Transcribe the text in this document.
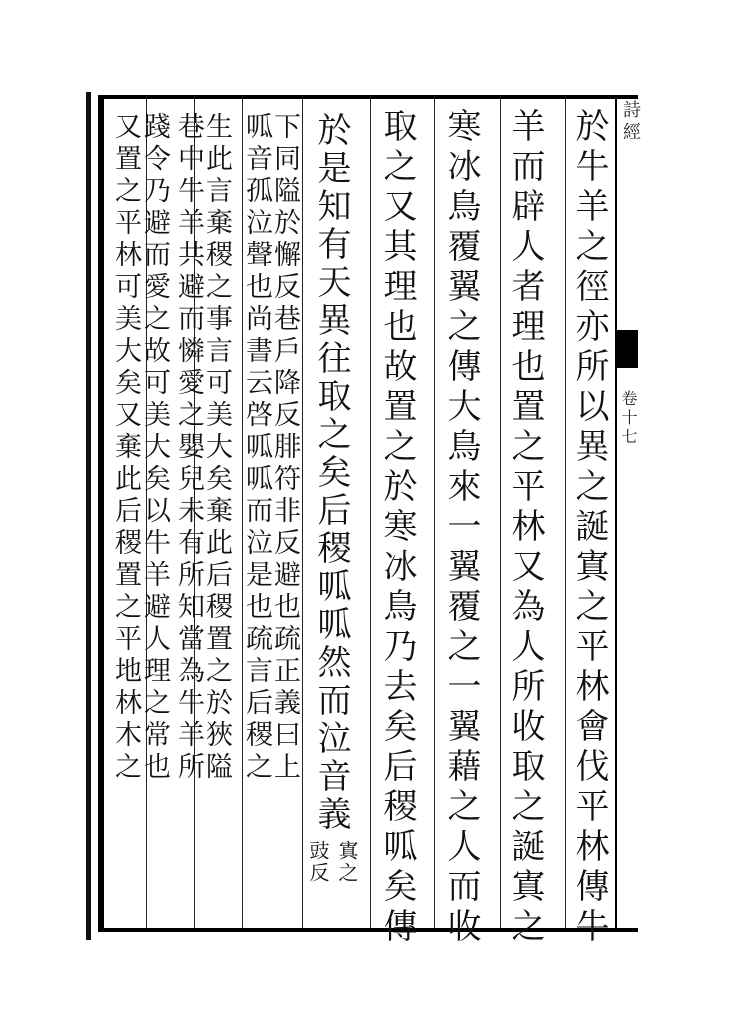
詩經
卷十七
於牛羊之徑亦所以異之誕寘之平林會伐平林傳牛
羊而辟人者理也置之平林又為人所收取之誕寘之
寒冰鳥覆翼之傳大鳥來一翼覆之一翼藉之人而收
取之又其理也故置之於寒冰鳥乃去矣后稷呱矣傳
於是知有天異往取之矣后稷呱呱然而泣音義
寘之
豉反
下同隘於懈反巷戶降反腓符非反避也疏正義曰上
呱音孤泣聲也尚書云啓呱呱而泣是也疏言后稷之
生此言棄稷之事言可美大矣棄此后稷置之於狹隘
巷中牛羊共避而憐愛之嬰兒未有所知當為牛羊所
踐令乃避而愛之故可美大矣以牛羊避人理之常也
又置之平林可美大矣又棄此后稷置之平地林木之
